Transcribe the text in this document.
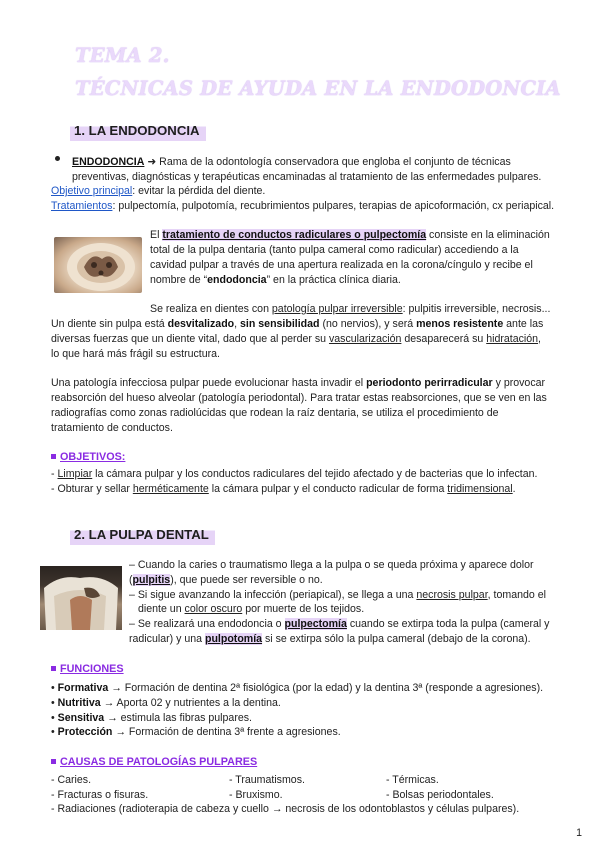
TEMA 2.
TÉCNICAS DE AYUDA EN LA ENDODONCIA
1. LA ENDODONCIA
ENDODONCIA ➜ Rama de la odontología conservadora que engloba el conjunto de técnicas
preventivas, diagnósticas y terapéuticas encaminadas al tratamiento de las enfermedades pulpares.
Objetivo principal: evitar la pérdida del diente.
Tratamientos: pulpectomía, pulpotomía, recubrimientos pulpares, terapias de apicoformación, cx periapical.
El tratamiento de conductos radiculares o pulpectomía consiste en la eliminación
total de la pulpa dentaria (tanto pulpa cameral como radicular) accediendo a la
cavidad pulpar a través de una apertura realizada en la corona/cíngulo y recibe el
nombre de “endodoncia” en la práctica clínica diaria.
Se realiza en dientes con patología pulpar irreversible: pulpitis irreversible, necrosis...
Un diente sin pulpa está desvitalizado, sin sensibilidad (no nervios), y será menos resistente ante las
diversas fuerzas que un diente vital, dado que al perder su vascularización desaparecerá su hidratación,
lo que hará más frágil su estructura.
Una patología infecciosa pulpar puede evolucionar hasta invadir el periodonto perirradicular y provocar
reabsorción del hueso alveolar (patología periodontal). Para tratar estas reabsorciones, que se ven en las
radiografías como zonas radiolúcidas que rodean la raíz dentaria, se utiliza el procedimiento de
tratamiento de conductos.
OBJETIVOS:
- Limpiar la cámara pulpar y los conductos radiculares del tejido afectado y de bacterias que lo infectan.
- Obturar y sellar herméticamente la cámara pulpar y el conducto radicular de forma tridimensional.
2. LA PULPA DENTAL
– Cuando la caries o traumatismo llega a la pulpa o se queda próxima y aparece dolor
(pulpitis), que puede ser reversible o no.
– Si sigue avanzando la infección (periapical), se llega a una necrosis pulpar, tomando el
diente un color oscuro por muerte de los tejidos.
– Se realizará una endodoncia o pulpectomía cuando se extirpa toda la pulpa (cameral y
radicular) y una pulpotomía si se extirpa sólo la pulpa cameral (debajo de la corona).
FUNCIONES
• Formativa → Formación de dentina 2ª fisiológica (por la edad) y la dentina 3ª (responde a agresiones).
• Nutritiva → Aporta 02 y nutrientes a la dentina.
• Sensitiva → estimula las fibras pulpares.
• Protección → Formación de dentina 3ª frente a agresiones.
CAUSAS DE PATOLOGÍAS PULPARES
- Caries.	- Traumatismos.	- Térmicas.
- Fracturas o fisuras.	- Bruxismo.	- Bolsas periodontales.
- Radiaciones (radioterapia de cabeza y cuello → necrosis de los odontoblastos y células pulpares).
1
